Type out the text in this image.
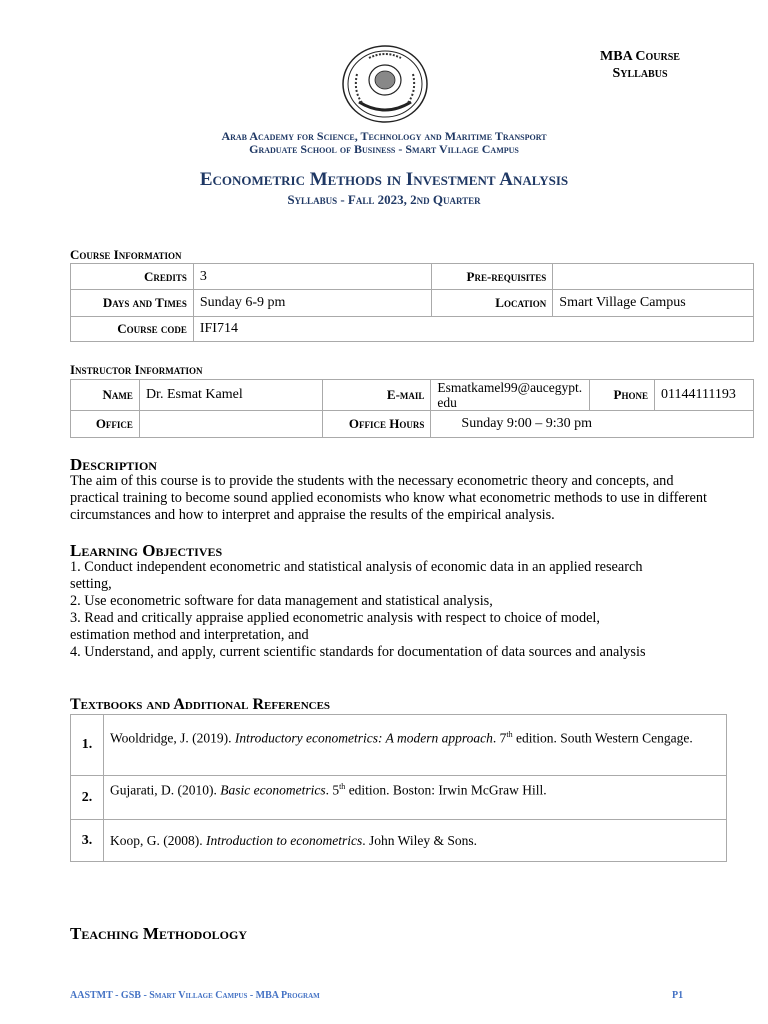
MBA Course
Syllabus
Arab Academy for Science, Technology and Maritime Transport
Graduate School of Business - Smart Village Campus
Econometric Methods in Investment Analysis
Syllabus - Fall 2023, 2nd Quarter
Course Information
Credits	3	Pre-requisites	
Days and Times	Sunday 6-9 pm	Location	Smart Village Campus
Course code	IFI714		
Instructor Information
Name	Dr. Esmat Kamel	E-mail	Esmatkamel99@aucegypt.edu	Phone	01144111193
Office		Office Hours	Sunday 9:00 – 9:30 pm		
Description
The aim of this course is to provide the students with the necessary econometric theory and concepts, and practical training to become sound applied economists who know what econometric methods to use in different circumstances and how to interpret and appraise the results of the empirical analysis.
Learning Objectives
1. Conduct independent econometric and statistical analysis of economic data in an applied research setting,
2. Use econometric software for data management and statistical analysis,
3. Read and critically appraise applied econometric analysis with respect to choice of model, estimation method and interpretation, and
4. Understand, and apply, current scientific standards for documentation of data sources and analysis
Textbooks and Additional References
1.	Wooldridge, J. (2019). Introductory econometrics: A modern approach. 7th edition. South Western Cengage.

2.	Gujarati, D. (2010). Basic econometrics. 5th edition. Boston: Irwin McGraw Hill.

3.	Koop, G. (2008). Introduction to econometrics. John Wiley & Sons.
Teaching Methodology
AASTMT - GSB - Smart Village Campus - MBA Program	P1
